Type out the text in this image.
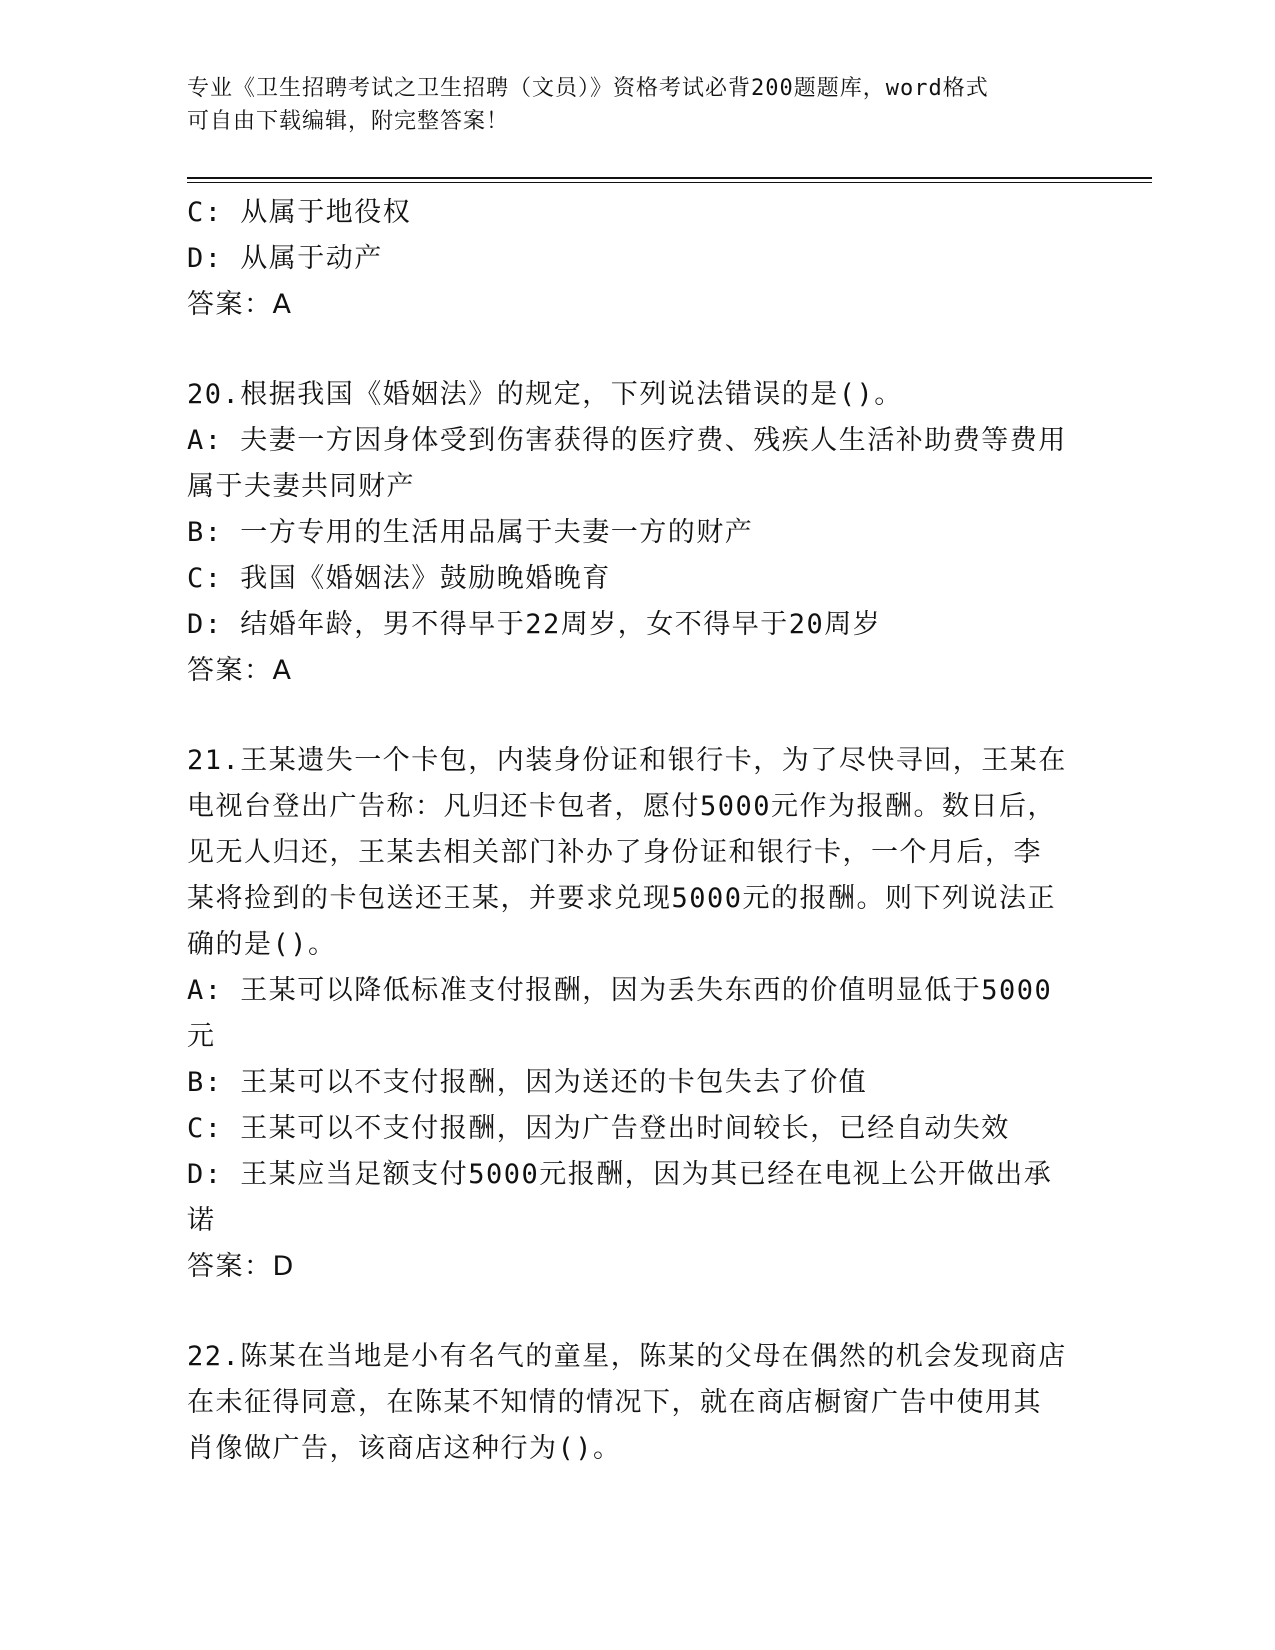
专业《卫生招聘考试之卫生招聘（文员）》资格考试必背200题题库，word格式
可自由下载编辑，附完整答案！
C: 从属于地役权
D: 从属于动产
答案：A
20.根据我国《婚姻法》的规定，下列说法错误的是()。
A: 夫妻一方因身体受到伤害获得的医疗费、残疾人生活补助费等费用
属于夫妻共同财产
B: 一方专用的生活用品属于夫妻一方的财产
C: 我国《婚姻法》鼓励晚婚晚育
D: 结婚年龄，男不得早于22周岁，女不得早于20周岁
答案：A
21.王某遗失一个卡包，内装身份证和银行卡，为了尽快寻回，王某在
电视台登出广告称：凡归还卡包者，愿付5000元作为报酬。数日后，
见无人归还，王某去相关部门补办了身份证和银行卡，一个月后，李
某将捡到的卡包送还王某，并要求兑现5000元的报酬。则下列说法正
确的是()。
A: 王某可以降低标准支付报酬，因为丢失东西的价值明显低于5000
元
B: 王某可以不支付报酬，因为送还的卡包失去了价值
C: 王某可以不支付报酬，因为广告登出时间较长，已经自动失效
D: 王某应当足额支付5000元报酬，因为其已经在电视上公开做出承
诺
答案：D
22.陈某在当地是小有名气的童星，陈某的父母在偶然的机会发现商店
在未征得同意，在陈某不知情的情况下，就在商店橱窗广告中使用其
肖像做广告，该商店这种行为()。
